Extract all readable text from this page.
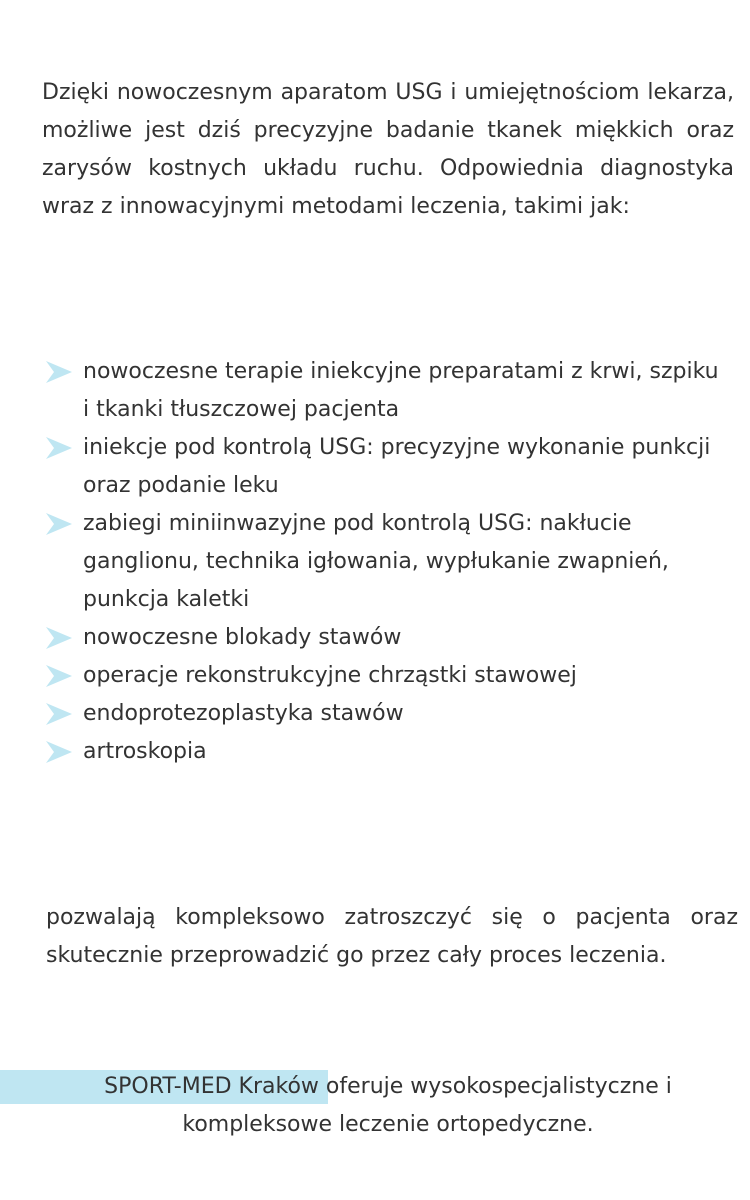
Dzięki nowoczesnym aparatom USG i umiejętnościom lekarza, możliwe jest dziś precyzyjne badanie tkanek miękkich oraz zarysów kostnych układu ruchu. Odpowiednia diagnostyka wraz z innowacyjnymi metodami leczenia, takimi jak:

nowoczesne terapie iniekcyjne preparatami z krwi, szpiku i tkanki tłuszczowej pacjenta
iniekcje pod kontrolą USG: precyzyjne wykonanie punkcji oraz podanie leku
zabiegi miniinwazyjne pod kontrolą USG: nakłucie ganglionu, technika igłowania, wypłukanie zwapnień, punkcja kaletki
nowoczesne blokady stawów
operacje rekonstrukcyjne chrząstki stawowej
endoprotezoplastyka stawów
artroskopia

pozwalają kompleksowo zatroszczyć się o pacjenta oraz skutecznie przeprowadzić go przez cały proces leczenia.

SPORT-MED Kraków oferuje wysokospecjalistyczne i
kompleksowe leczenie ortopedyczne.
